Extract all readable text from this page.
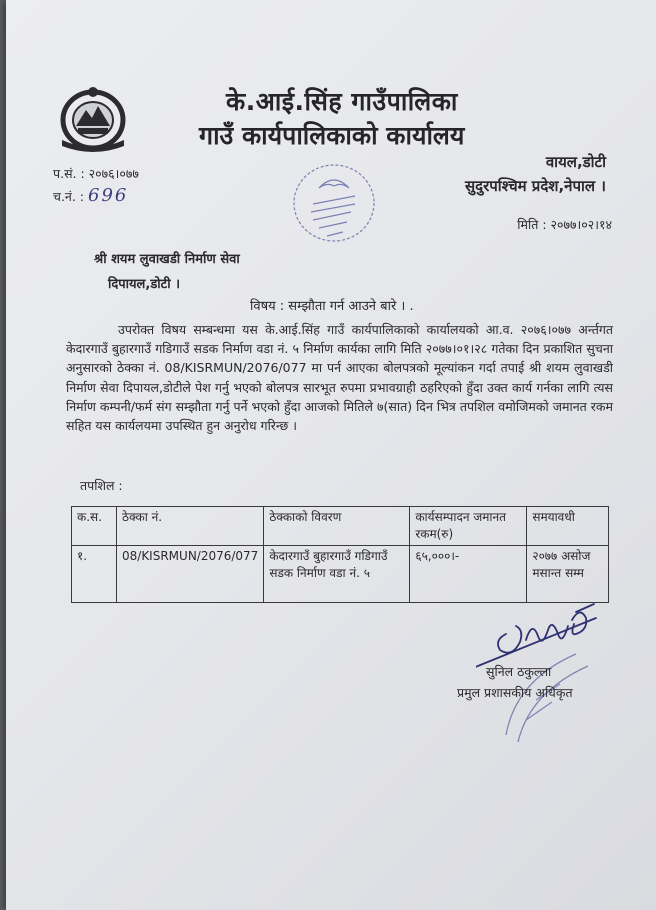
के.आई.सिंह गाउँपालिका
गाउँ कार्यपालिकाको कार्यालय
वायल,डोटी
सुदुरपश्चिम प्रदेश,नेपाल ।
प.सं. : २०७६।०७७
च.नं. : 696
मिति : २०७७।०२।१४
श्री शयम लुवाखडी निर्माण सेवा
दिपायल,डोटी ।
विषय : सम्झौता गर्न आउने बारे । .
उपरोक्त विषय सम्बन्धमा यस के.आई.सिंह गाउँ कार्यपालिकाको कार्यालयको आ.व. २०७६।०७७ अर्न्तगत केदारगाउँ बुहारगाउँ गडिगाउँ सडक निर्माण वडा नं. ५ निर्माण कार्यका लागि मिति २०७७।०१।२८ गतेका दिन प्रकाशित सुचना अनुसारको ठेक्का नं. 08/KISRMUN/2076/077 मा पर्न आएका बोलपत्रको मूल्यांकन गर्दा तपाई श्री शयम लुवाखडी निर्माण सेवा दिपायल,डोटीले पेश गर्नु भएको बोलपत्र सारभूत रुपमा प्रभावग्राही ठहरिएको हुँदा उक्त कार्य गर्नका लागि त्यस निर्माण कम्पनी/फर्म संग सम्झौता गर्नु पर्ने भएको हुँदा आजको मितिले ७(सात) दिन भित्र तपशिल वमोजिमको जमानत रकम सहित यस कार्यलयमा उपस्थित हुन अनुरोध गरिन्छ ।
तपशिल :
क.स.	ठेक्का नं.	ठेक्काको विवरण	कार्यसम्पादन जमानत रकम(रु)	समयावधी
१.	08/KISRMUN/2076/077	केदारगाउँ बुहारगाउँ गडिगाउँ सडक निर्माण वडा नं. ५	६५,०००।-	२०७७ असोज मसान्त सम्म
सुनिल ठकुल्ला
प्रमुल प्रशासकीय अधिकृत
